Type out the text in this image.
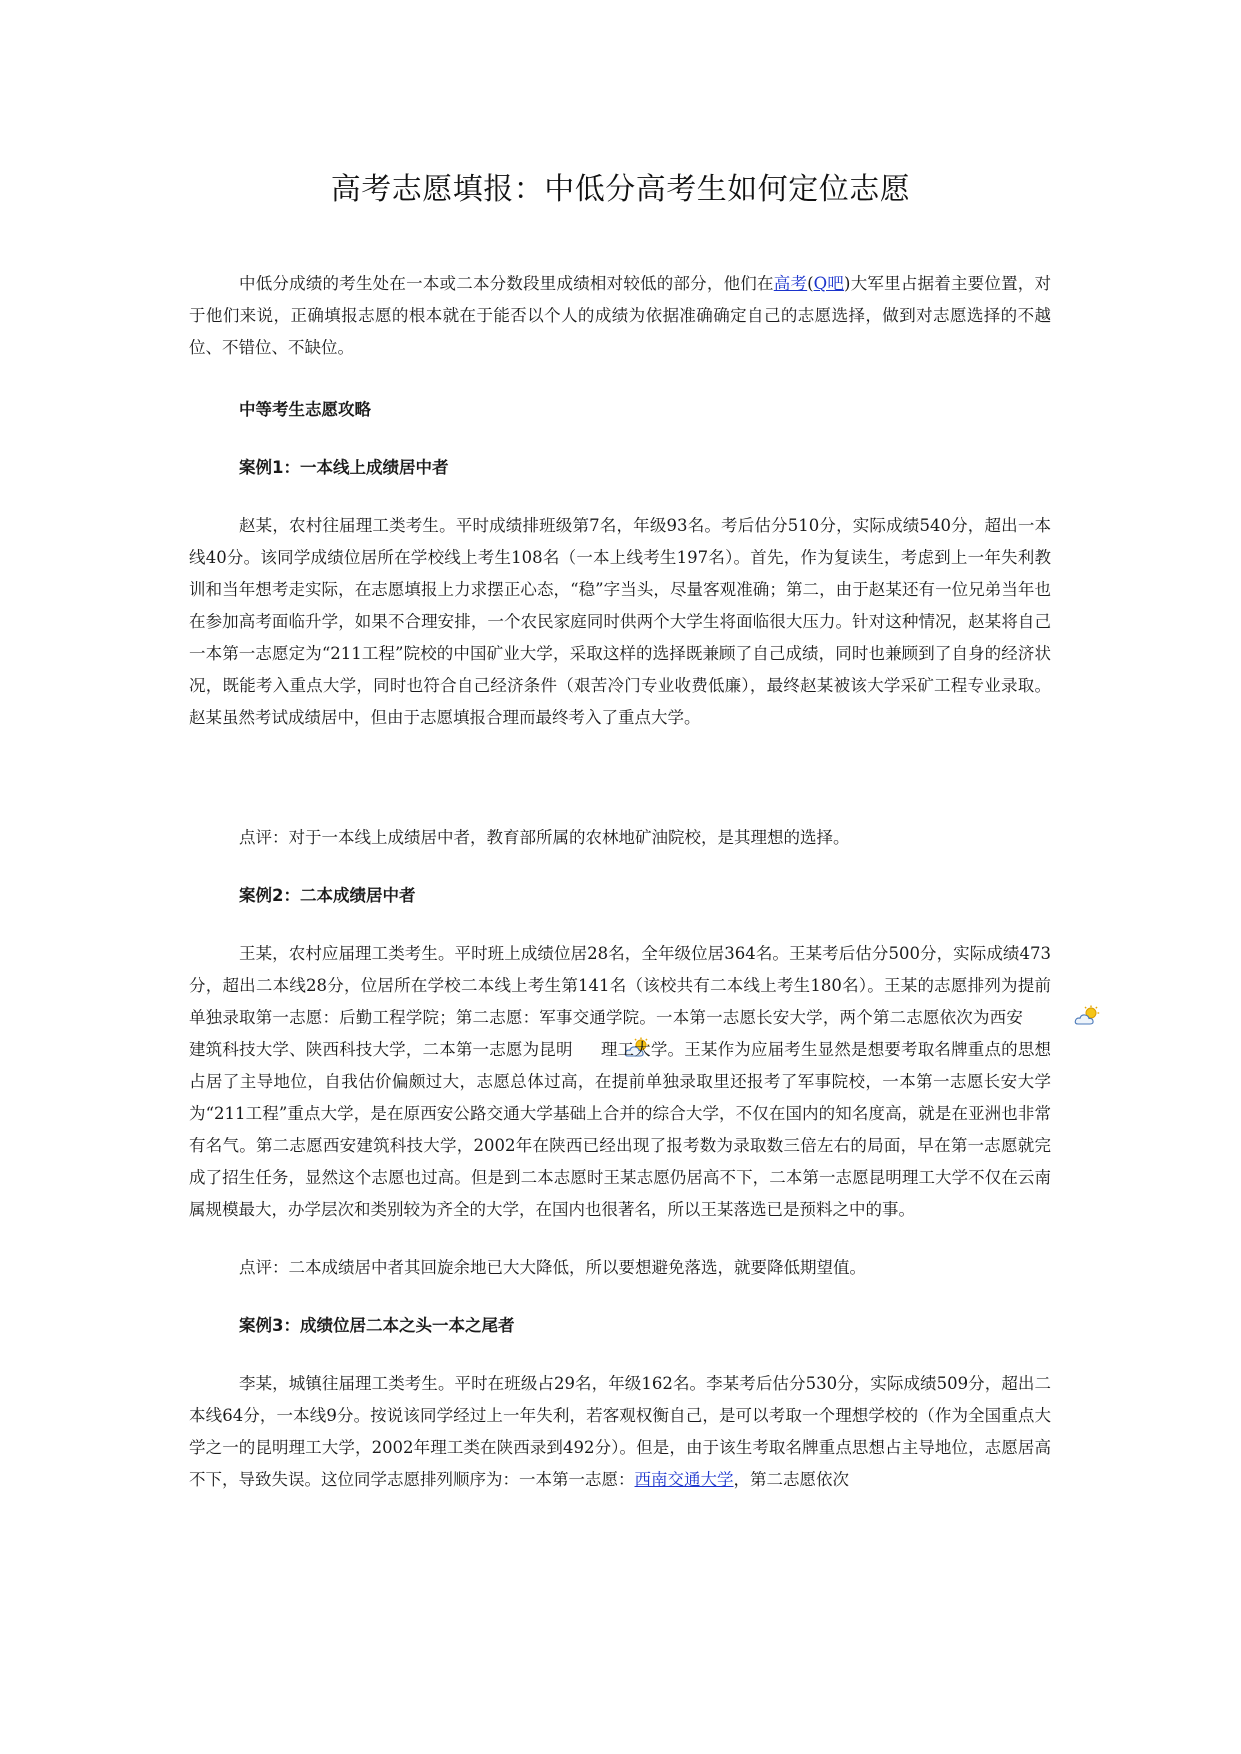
高考志愿填报：中低分高考生如何定位志愿

中低分成绩的考生处在一本或二本分数段里成绩相对较低的部分，他们在高考(Q吧)大军里占据着主要位置，对于他们来说，正确填报志愿的根本就在于能否以个人的成绩为依据准确确定自己的志愿选择，做到对志愿选择的不越位、不错位、不缺位。

中等考生志愿攻略

案例1：一本线上成绩居中者

赵某，农村往届理工类考生。平时成绩排班级第7名，年级93名。考后估分510分，实际成绩540分，超出一本线40分。该同学成绩位居所在学校线上考生108名（一本上线考生197名）。首先，作为复读生，考虑到上一年失利教训和当年想考走实际，在志愿填报上力求摆正心态，“稳”字当头，尽量客观准确；第二，由于赵某还有一位兄弟当年也在参加高考面临升学，如果不合理安排，一个农民家庭同时供两个大学生将面临很大压力。针对这种情况，赵某将自己一本第一志愿定为“211工程”院校的中国矿业大学，采取这样的选择既兼顾了自己成绩，同时也兼顾到了自身的经济状况，既能考入重点大学，同时也符合自己经济条件（艰苦冷门专业收费低廉），最终赵某被该大学采矿工程专业录取。赵某虽然考试成绩居中，但由于志愿填报合理而最终考入了重点大学。

点评：对于一本线上成绩居中者，教育部所属的农林地矿油院校，是其理想的选择。

案例2：二本成绩居中者

王某，农村应届理工类考生。平时班上成绩位居28名，全年级位居364名。王某考后估分500分，实际成绩473分，超出二本线28分，位居所在学校二本线上考生第141名（该校共有二本线上考生180名）。王某的志愿排列为提前单独录取第一志愿：后勤工程学院；第二志愿：军事交通学院。一本第一志愿长安大学，两个第二志愿依次为西安建筑科技大学、陕西科技大学，二本第一志愿为昆明 理工大学。王某作为应届考生显然是想要考取名牌重点的思想占居了主导地位，自我估价偏颇过大，志愿总体过高，在提前单独录取里还报考了军事院校，一本第一志愿长安大学为“211工程”重点大学，是在原西安公路交通大学基础上合并的综合大学，不仅在国内的知名度高，就是在亚洲也非常有名气。第二志愿西安建筑科技大学，2002年在陕西已经出现了报考数为录取数三倍左右的局面，早在第一志愿就完成了招生任务，显然这个志愿也过高。但是到二本志愿时王某志愿仍居高不下，二本第一志愿昆明理工大学不仅在云南属规模最大，办学层次和类别较为齐全的大学，在国内也很著名，所以王某落选已是预料之中的事。

点评：二本成绩居中者其回旋余地已大大降低，所以要想避免落选，就要降低期望值。

案例3：成绩位居二本之头一本之尾者

李某，城镇往届理工类考生。平时在班级占29名，年级162名。李某考后估分530分，实际成绩509分，超出二本线64分，一本线9分。按说该同学经过上一年失利，若客观权衡自己，是可以考取一个理想学校的（作为全国重点大学之一的昆明理工大学，2002年理工类在陕西录到492分）。但是，由于该生考取名牌重点思想占主导地位，志愿居高不下，导致失误。这位同学志愿排列顺序为：一本第一志愿：西南交通大学，第二志愿依次
